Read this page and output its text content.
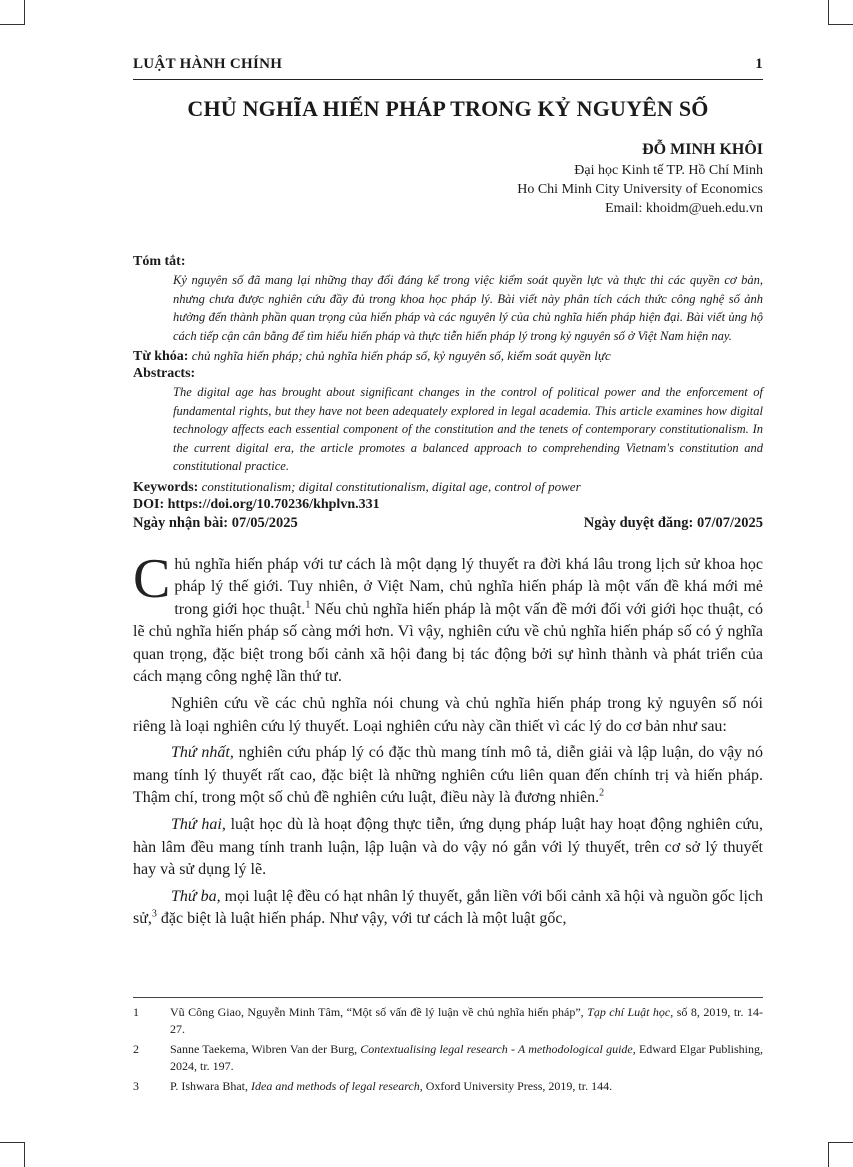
LUẬT HÀNH CHÍNH	1
CHỦ NGHĨA HIẾN PHÁP TRONG KỶ NGUYÊN SỐ
ĐỖ MINH KHÔI
Đại học Kinh tế TP. Hồ Chí Minh
Ho Chi Minh City University of Economics
Email: khoidm@ueh.edu.vn
Tóm tắt:
Kỷ nguyên số đã mang lại những thay đổi đáng kể trong việc kiểm soát quyền lực và thực thi các quyền cơ bản, nhưng chưa được nghiên cứu đầy đủ trong khoa học pháp lý. Bài viết này phân tích cách thức công nghệ số ảnh hưởng đến thành phần quan trọng của hiến pháp và các nguyên lý của chủ nghĩa hiến pháp hiện đại. Bài viết ủng hộ cách tiếp cận cân bằng để tìm hiểu hiến pháp và thực tiễn hiến pháp lý trong kỷ nguyên số ở Việt Nam hiện nay.
Từ khóa: chủ nghĩa hiến pháp; chủ nghĩa hiến pháp số, kỷ nguyên số, kiểm soát quyền lực
Abstracts:
The digital age has brought about significant changes in the control of political power and the enforcement of fundamental rights, but they have not been adequately explored in legal academia. This article examines how digital technology affects each essential component of the constitution and the tenets of contemporary constitutionalism. In the current digital era, the article promotes a balanced approach to comprehending Vietnam's constitution and constitutional practice.
Keywords: constitutionalism; digital constitutionalism, digital age, control of power
DOI: https://doi.org/10.70236/khplvn.331
Ngày nhận bài: 07/05/2025	Ngày duyệt đăng: 07/07/2025

Chủ nghĩa hiến pháp với tư cách là một dạng lý thuyết ra đời khá lâu trong lịch sử khoa học pháp lý thế giới. Tuy nhiên, ở Việt Nam, chủ nghĩa hiến pháp là một vấn đề khá mới mẻ trong giới học thuật.$^1$ Nếu chủ nghĩa hiến pháp là một vấn đề mới đối với giới học thuật, có lẽ chủ nghĩa hiến pháp số càng mới hơn. Vì vậy, nghiên cứu về chủ nghĩa hiến pháp số có ý nghĩa quan trọng, đặc biệt trong bối cảnh xã hội đang bị tác động bởi sự hình thành và phát triển của cách mạng công nghệ lần thứ tư.

Nghiên cứu về các chủ nghĩa nói chung và chủ nghĩa hiến pháp trong kỷ nguyên số nói riêng là loại nghiên cứu lý thuyết. Loại nghiên cứu này cần thiết vì các lý do cơ bản như sau:

Thứ nhất, nghiên cứu pháp lý có đặc thù mang tính mô tả, diễn giải và lập luận, do vậy nó mang tính lý thuyết rất cao, đặc biệt là những nghiên cứu liên quan đến chính trị và hiến pháp. Thậm chí, trong một số chủ đề nghiên cứu luật, điều này là đương nhiên.$^2$

Thứ hai, luật học dù là hoạt động thực tiễn, ứng dụng pháp luật hay hoạt động nghiên cứu, hàn lâm đều mang tính tranh luận, lập luận và do vậy nó gắn với lý thuyết, trên cơ sở lý thuyết hay và sử dụng lý lẽ.

Thứ ba, mọi luật lệ đều có hạt nhân lý thuyết, gắn liền với bối cảnh xã hội và nguồn gốc lịch sử,$^3$ đặc biệt là luật hiến pháp. Như vậy, với tư cách là một luật gốc,

1	Vũ Công Giao, Nguyễn Minh Tâm, “Một số vấn đề lý luận về chủ nghĩa hiến pháp”, Tạp chí Luật học, số 8, 2019, tr. 14-27.
2	Sanne Taekema, Wibren Van der Burg, Contextualising legal research - A methodological guide, Edward Elgar Publishing, 2024, tr. 197.
3	P. Ishwara Bhat, Idea and methods of legal research, Oxford University Press, 2019, tr. 144.
